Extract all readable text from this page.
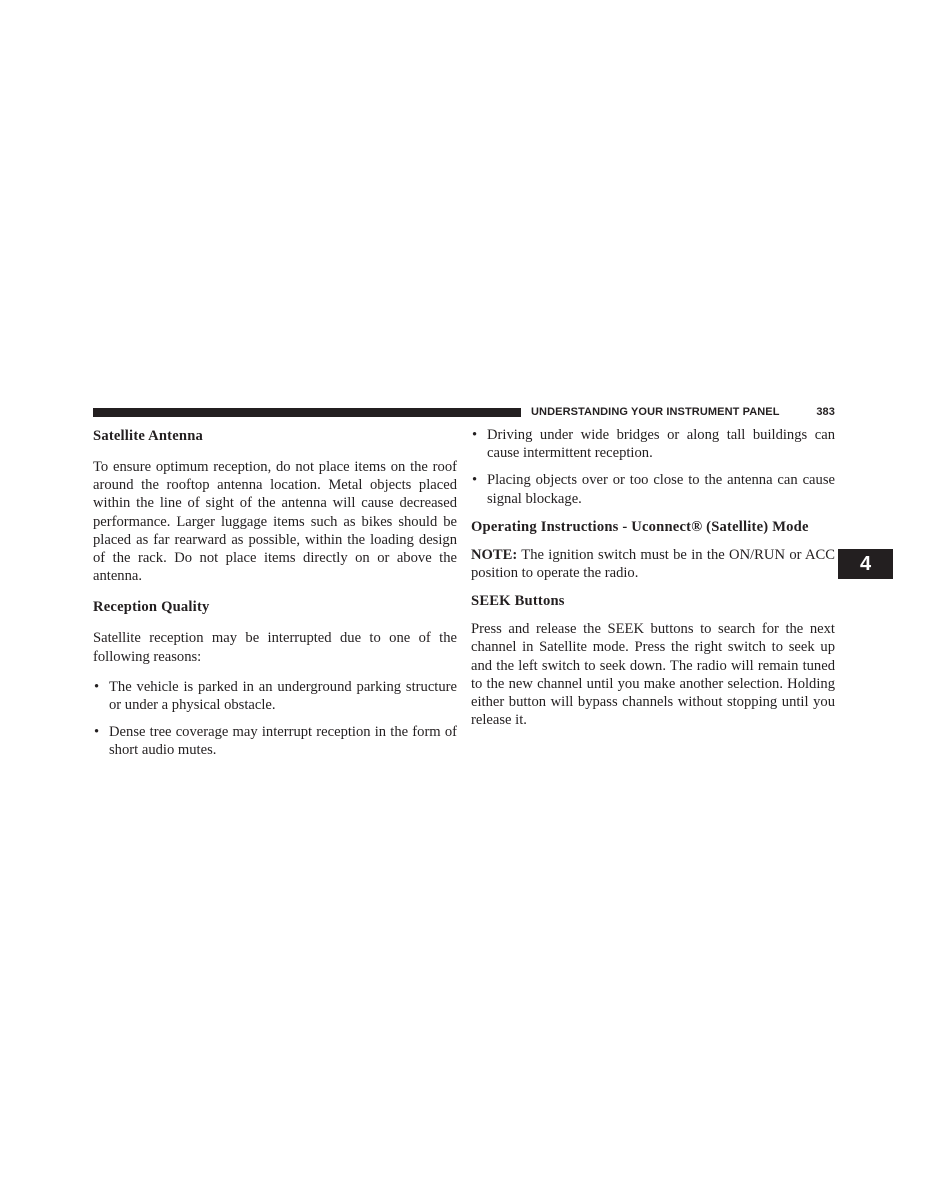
UNDERSTANDING YOUR INSTRUMENT PANEL	383
4
Satellite Antenna

To ensure optimum reception, do not place items on the roof around the rooftop antenna location. Metal objects placed within the line of sight of the antenna will cause decreased performance. Larger luggage items such as bikes should be placed as far rearward as possible, within the loading design of the rack. Do not place items directly on or above the antenna.

Reception Quality

Satellite reception may be interrupted due to one of the following reasons:

• The vehicle is parked in an underground parking structure or under a physical obstacle.
• Dense tree coverage may interrupt reception in the form of short audio mutes.
• Driving under wide bridges or along tall buildings can cause intermittent reception.
• Placing objects over or too close to the antenna can cause signal blockage.
Operating Instructions - Uconnect® (Satellite) Mode

NOTE: The ignition switch must be in the ON/RUN or ACC position to operate the radio.

SEEK Buttons

Press and release the SEEK buttons to search for the next channel in Satellite mode. Press the right switch to seek up and the left switch to seek down. The radio will remain tuned to the new channel until you make another selection. Holding either button will bypass channels without stopping until you release it.
